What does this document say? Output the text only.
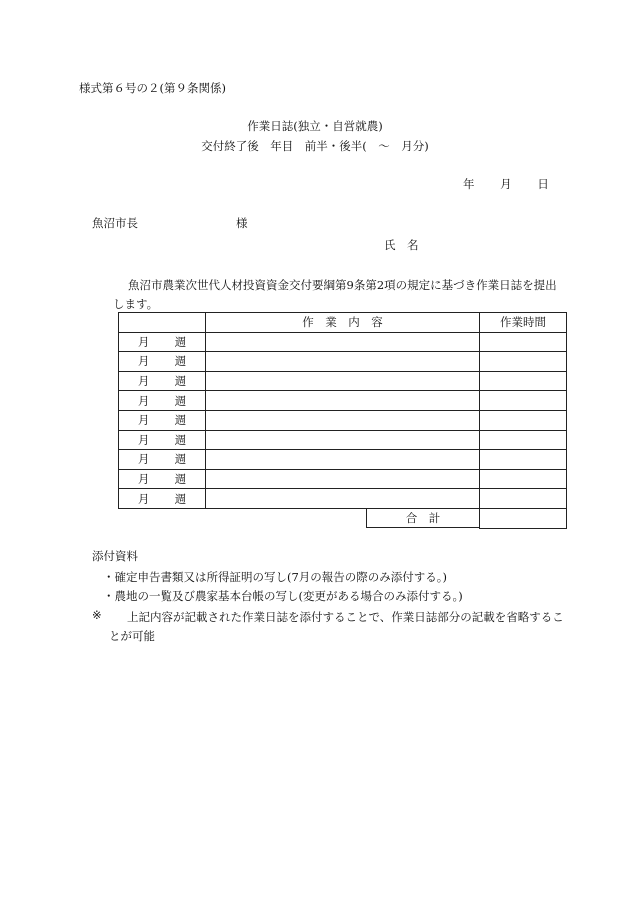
様式第６号の２(第９条関係)
作業日誌(独立・自営就農)
交付終了後　年目　前半・後半(　～　月分)
年 月 日
魚沼市長	様
氏　名
魚沼市農業次世代人材投資資金交付要綱第9条第2項の規定に基づき作業日誌を提出します。
	作　業　内　容	作業時間
月 週		
月 週		
月 週		
月 週		
月 週		
月 週		
月 週		
月 週		
月 週		

	合　計	

添付資料
・確定申告書類又は所得証明の写し(7月の報告の際のみ添付する。)
・農地の一覧及び農家基本台帳の写し(変更がある場合のみ添付する。)
※	上記内容が記載された作業日誌を添付することで、作業日誌部分の記載を省略することが可能
